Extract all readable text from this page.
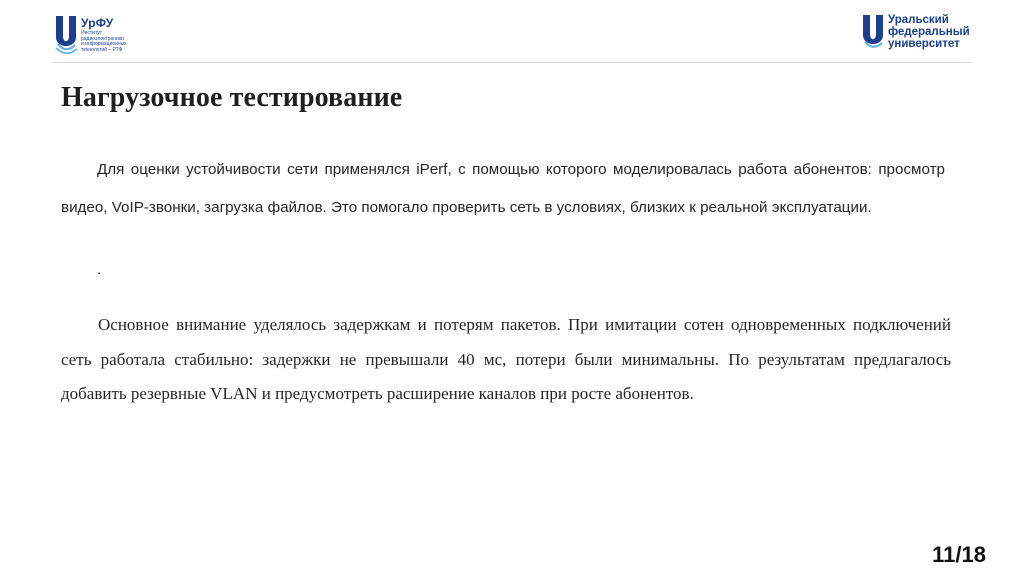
УрФУ
Институт
радиоэлектроники
и информационных
технологий – РТФ
Уральский
федеральный
университет
Нагрузочное тестирование

Для оценки устойчивости сети применялся iPerf, с помощью которого моделировалась работа абонентов: просмотр видео, VoIP-звонки, загрузка файлов. Это помогало проверить сеть в условиях, близких к реальной эксплуатации.

.

Основное внимание уделялось задержкам и потерям пакетов. При имитации сотен одновременных подключений сеть работала стабильно: задержки не превышали 40 мс, потери были минимальны. По результатам предлагалось добавить резервные VLAN и предусмотреть расширение каналов при росте абонентов.

11/18
